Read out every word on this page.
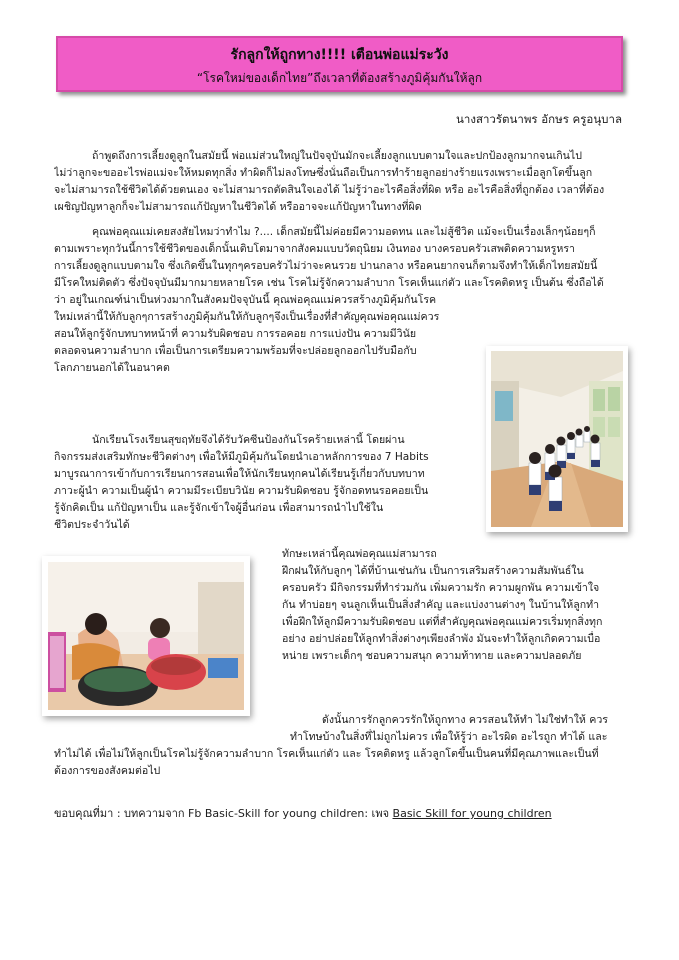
รักลูกให้ถูกทาง!!!! เตือนพ่อแม่ระวัง
“โรคใหม่ของเด็กไทย”ถึงเวลาที่ต้องสร้างภูมิคุ้มกันให้ลูก
นางสาวรัตนาพร อักษร ครูอนุบาล

ถ้าพูดถึงการเลี้ยงดูลูกในสมัยนี้ พ่อแม่ส่วนใหญ่ในปัจจุบันมักจะเลี้ยงลูกแบบตามใจและปกป้องลูกมากจนเกินไป
ไม่ว่าลูกจะขออะไรพ่อแม่จะให้หมดทุกสิ่ง ทำผิดก็ไม่ลงโทษซึ่งนั่นถือเป็นการทำร้ายลูกอย่างร้ายแรงเพราะเมื่อลูกโตขึ้นลูก
จะไม่สามารถใช้ชีวิตได้ด้วยตนเอง จะไม่สามารถตัดสินใจเองได้ ไม่รู้ว่าอะไรคือสิ่งที่ผิด หรือ อะไรคือสิ่งที่ถูกต้อง เวลาที่ต้อง
เผชิญปัญหาลูกก็จะไม่สามารถแก้ปัญหาในชีวิตได้ หรืออาจจะแก้ปัญหาในทางที่ผิด

คุณพ่อคุณแม่เคยสงสัยไหมว่าทำไม ?.... เด็กสมัยนี้ไม่ค่อยมีความอดทน และไม่สู้ชีวิต แม้จะเป็นเรื่องเล็กๆน้อยๆก็
ตามเพราะทุกวันนี้การใช้ชีวิตของเด็กนั้นเติบโตมาจากสังคมแบบวัตถุนิยม เงินทอง บางครอบครัวเสพติดความหรูหรา
การเลี้ยงดูลูกแบบตามใจ ซึ่งเกิดขึ้นในทุกๆครอบครัวไม่ว่าจะคนรวย ปานกลาง หรือคนยากจนก็ตามจึงทำให้เด็กไทยสมัยนี้
มีโรคใหม่ติดตัว ซึ่งปัจจุบันมีมากมายหลายโรค เช่น โรคไม่รู้จักความลำบาก โรคเห็นแก่ตัว และโรคติดหรู เป็นต้น ซึ่งถือได้
ว่า อยู่ในเกณฑ์น่าเป็นห่วงมากในสังคมปัจจุบันนี้ คุณพ่อคุณแม่ควรสร้างภูมิคุ้มกันโรค
ใหม่เหล่านี้ให้กับลูกๆการสร้างภูมิคุ้มกันให้กับลูกๆจึงเป็นเรื่องที่สำคัญคุณพ่อคุณแม่ควร
สอนให้ลูกรู้จักบทบาทหน้าที่ ความรับผิดชอบ การรอคอย การแบ่งปัน ความมีวินัย
ตลอดจนความลำบาก เพื่อเป็นการเตรียมความพร้อมที่จะปล่อยลูกออกไปรับมือกับ
โลกภายนอกได้ในอนาคต

นักเรียนโรงเรียนสุขฤทัยจึงได้รับวัคซีนป้องกันโรคร้ายเหล่านี้ โดยผ่าน
กิจกรรมส่งเสริมทักษะชีวิตต่างๆ เพื่อให้มีภูมิคุ้มกันโดยนำเอาหลักการของ 7 Habits
มาบูรณาการเข้ากับการเรียนการสอนเพื่อให้นักเรียนทุกคนได้เรียนรู้เกี่ยวกับบทบาท
ภาวะผู้นำ ความเป็นผู้นำ ความมีระเบียบวินัย ความรับผิดชอบ รู้จักอดทนรอคอยเป็น
รู้จักคิดเป็น แก้ปัญหาเป็น และรู้จักเข้าใจผู้อื่นก่อน เพื่อสามารถนำไปใช้ใน
ชีวิตประจำวันได้

ทักษะเหล่านี้คุณพ่อคุณแม่สามารถ
ฝึกฝนให้กับลูกๆ ได้ที่บ้านเช่นกัน เป็นการเสริมสร้างความสัมพันธ์ใน
ครอบครัว มีกิจกรรมที่ทำร่วมกัน เพิ่มความรัก ความผูกพัน ความเข้าใจ
กัน ทำบ่อยๆ จนลูกเห็นเป็นสิ่งสำคัญ และแบ่งงานต่างๆ ในบ้านให้ลูกทำ
เพื่อฝึกให้ลูกมีความรับผิดชอบ แต่ที่สำคัญคุณพ่อคุณแม่ควรเริ่มทุกสิ่งทุก
อย่าง อย่าปล่อยให้ลูกทำสิ่งต่างๆเพียงลำพัง มันจะทำให้ลูกเกิดความเบื่อ
หน่าย เพราะเด็กๆ ชอบความสนุก ความท้าทาย และความปลอดภัย

ดังนั้นการรักลูกควรรักให้ถูกทาง ควรสอนให้ทำ ไม่ใช่ทำให้ ควร
ทำโทษบ้างในสิ่งที่ไม่ถูกไม่ควร เพื่อให้รู้ว่า อะไรผิด อะไรถูก ทำได้ และ
ทำไม่ได้ เพื่อไม่ให้ลูกเป็นโรคไม่รู้จักความลำบาก โรคเห็นแก่ตัว และ โรคติดหรู แล้วลูกโตขึ้นเป็นคนที่มีคุณภาพและเป็นที่
ต้องการของสังคมต่อไป

ขอบคุณที่มา : บทความจาก Fb Basic-Skill for young children: เพจ Basic Skill for young children
